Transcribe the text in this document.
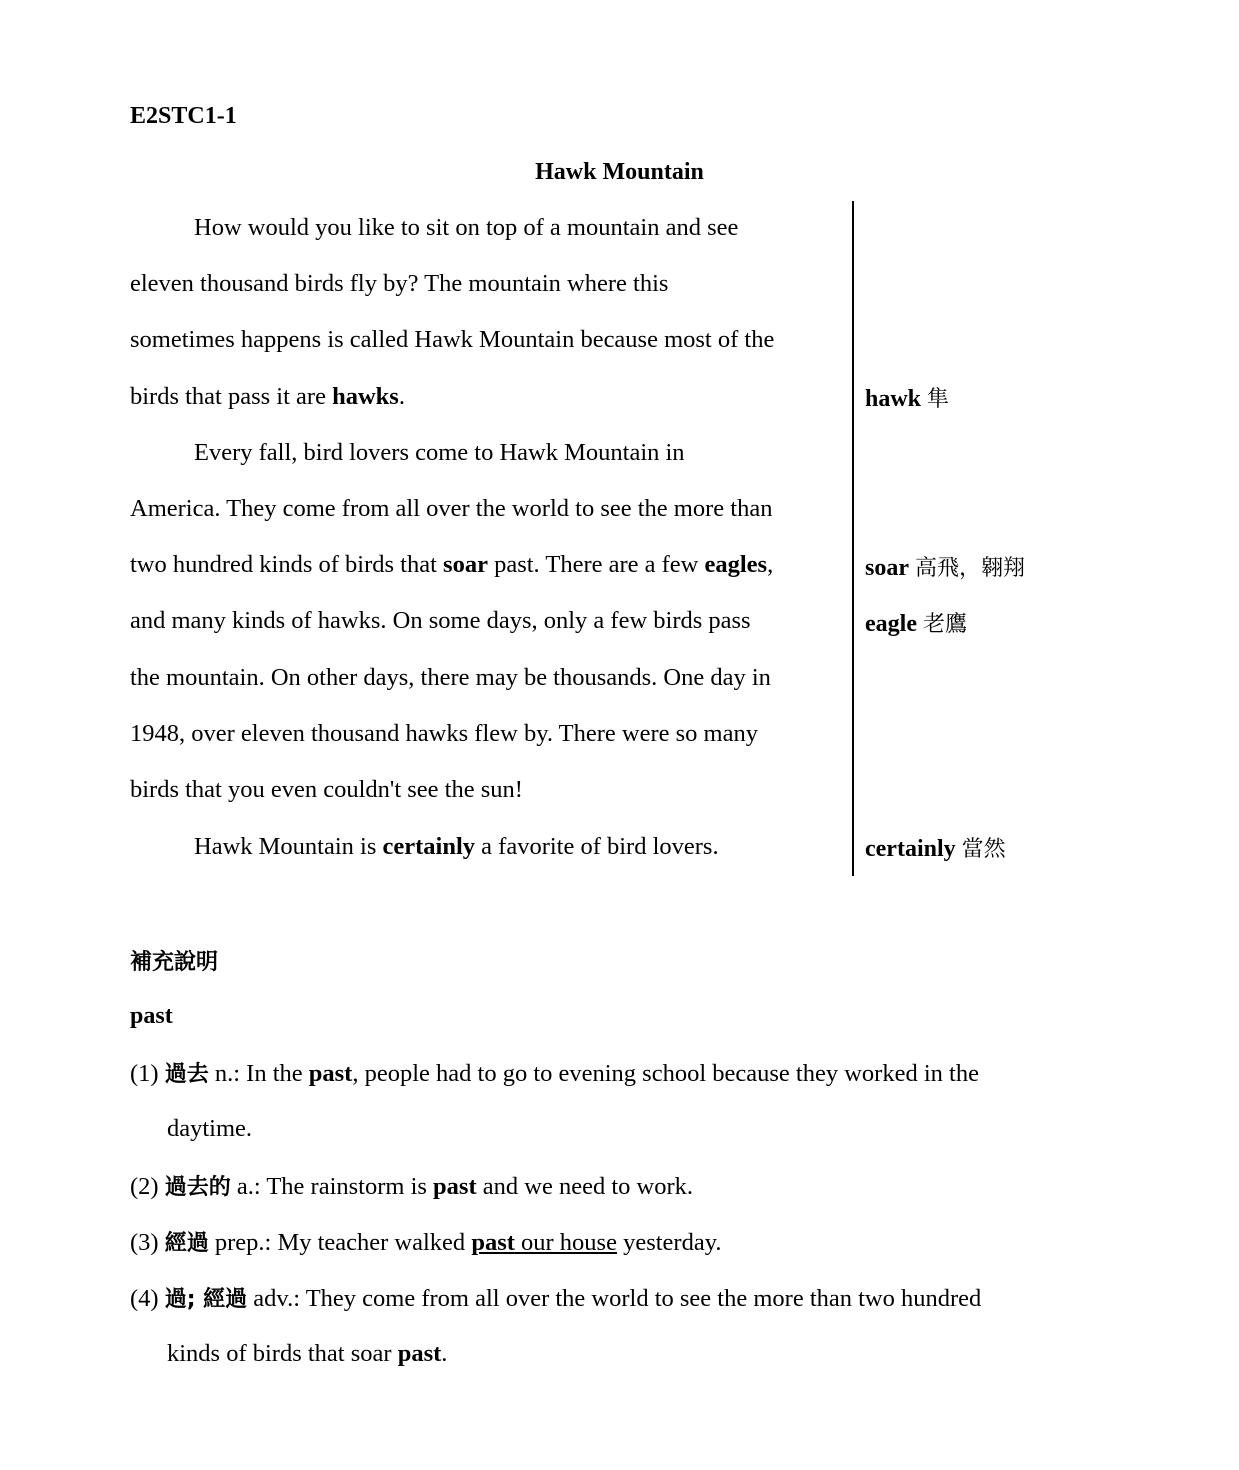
E2STC1-1
Hawk Mountain
How would you like to sit on top of a mountain and see
eleven thousand birds fly by? The mountain where this
sometimes happens is called Hawk Mountain because most of the
birds that pass it are hawks.
Every fall, bird lovers come to Hawk Mountain in
America. They come from all over the world to see the more than
two hundred kinds of birds that soar past. There are a few eagles,
and many kinds of hawks. On some days, only a few birds pass
the mountain. On other days, there may be thousands. One day in
1948, over eleven thousand hawks flew by. There were so many
birds that you even couldn't see the sun!
Hawk Mountain is certainly a favorite of bird lovers.
hawk 隼
soar 高飛，翱翔
eagle 老鷹
certainly 當然
補充說明
past
(1) 過去 n.: In the past, people had to go to evening school because they worked in the
daytime.
(2) 過去的 a.: The rainstorm is past and we need to work.
(3) 經過 prep.: My teacher walked past our house yesterday.
(4) 過; 經過 adv.: They come from all over the world to see the more than two hundred
kinds of birds that soar past.
